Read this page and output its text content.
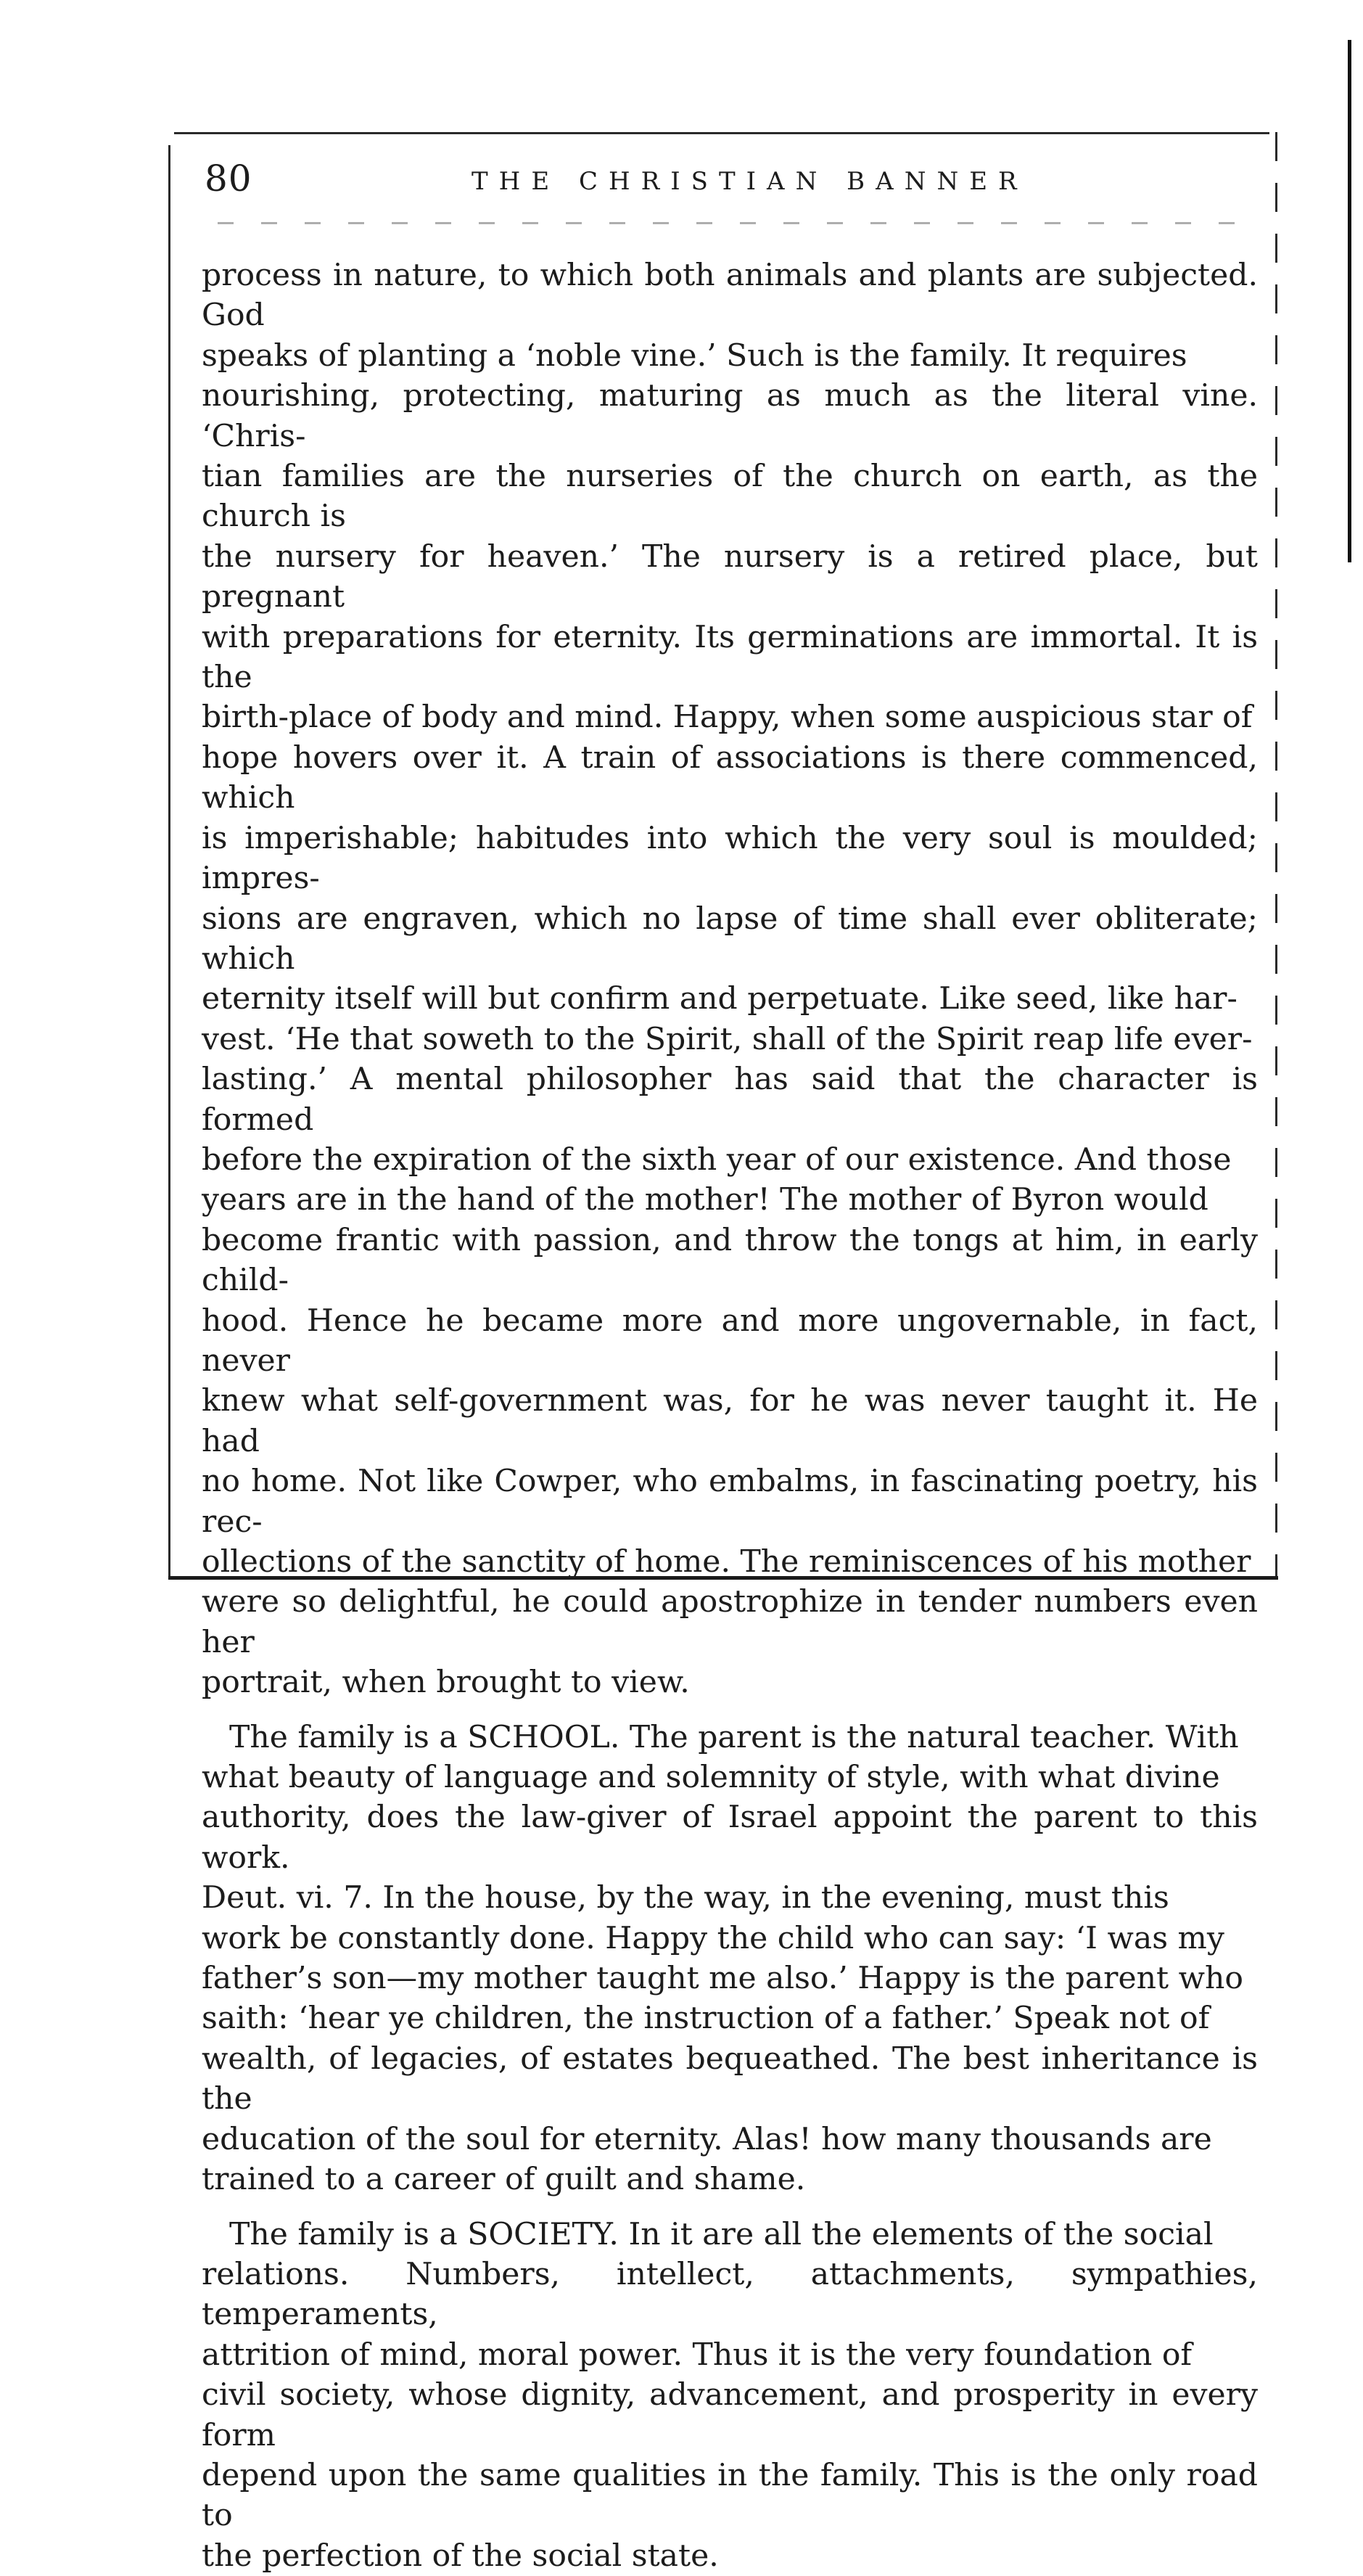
80	THE CHRISTIAN BANNER

process in nature, to which both animals and plants are subjected. God
speaks of planting a ‘noble vine.’ Such is the family. It requires
nourishing, protecting, maturing as much as the literal vine. ‘Chris-
tian families are the nurseries of the church on earth, as the church is
the nursery for heaven.’ The nursery is a retired place, but pregnant
with preparations for eternity. Its germinations are immortal. It is the
birth-place of body and mind. Happy, when some auspicious star of
hope hovers over it. A train of associations is there commenced, which
is imperishable; habitudes into which the very soul is moulded; impres-
sions are engraven, which no lapse of time shall ever obliterate; which
eternity itself will but confirm and perpetuate. Like seed, like har-
vest. ‘He that soweth to the Spirit, shall of the Spirit reap life ever-
lasting.’ A mental philosopher has said that the character is formed
before the expiration of the sixth year of our existence. And those
years are in the hand of the mother! The mother of Byron would
become frantic with passion, and throw the tongs at him, in early child-
hood. Hence he became more and more ungovernable, in fact, never
knew what self-government was, for he was never taught it. He had
no home. Not like Cowper, who embalms, in fascinating poetry, his rec-
ollections of the sanctity of home. The reminiscences of his mother
were so delightful, he could apostrophize in tender numbers even her
portrait, when brought to view.

The family is a SCHOOL. The parent is the natural teacher. With
what beauty of language and solemnity of style, with what divine
authority, does the law-giver of Israel appoint the parent to this work.
Deut. vi. 7. In the house, by the way, in the evening, must this
work be constantly done. Happy the child who can say: ‘I was my
father’s son—my mother taught me also.’ Happy is the parent who
saith: ‘hear ye children, the instruction of a father.’ Speak not of
wealth, of legacies, of estates bequeathed. The best inheritance is the
education of the soul for eternity. Alas! how many thousands are
trained to a career of guilt and shame.

The family is a SOCIETY. In it are all the elements of the social
relations. Numbers, intellect, attachments, sympathies, temperaments,
attrition of mind, moral power. Thus it is the very foundation of
civil society, whose dignity, advancement, and prosperity in every form
depend upon the same qualities in the family. This is the only road to
the perfection of the social state.
